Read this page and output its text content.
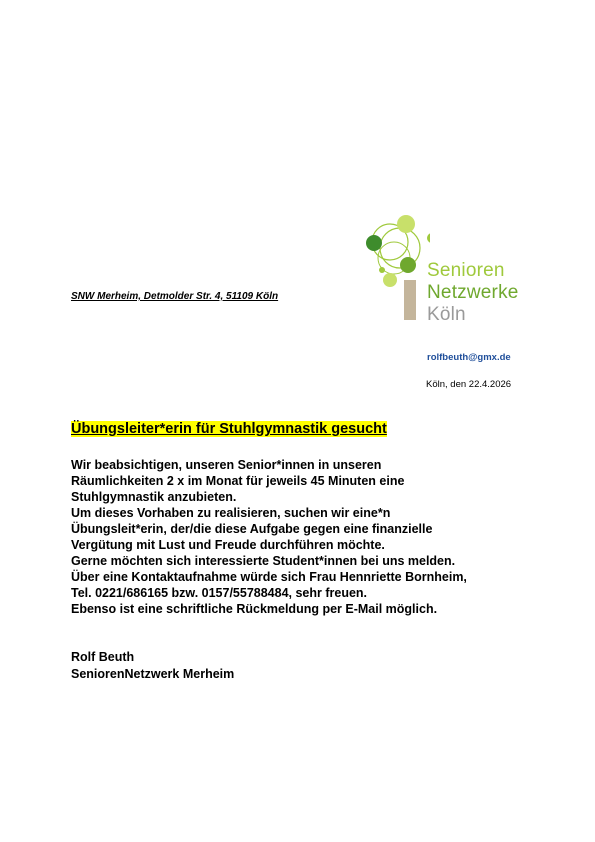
Senioren
Netzwerke
Köln
SNW Merheim, Detmolder Str. 4, 51109 Köln
rolfbeuth@gmx.de
Köln, den 22.4.2026
Übungsleiter*erin für Stuhlgymnastik gesucht
Wir beabsichtigen, unseren Senior*innen in unseren
Räumlichkeiten 2 x im Monat für jeweils 45 Minuten eine
Stuhlgymnastik anzubieten.
Um dieses Vorhaben zu realisieren, suchen wir eine*n
Übungsleit*erin, der/die diese Aufgabe gegen eine finanzielle
Vergütung mit Lust und Freude durchführen möchte.
Gerne möchten sich interessierte Student*innen bei uns melden.
Über eine Kontaktaufnahme würde sich Frau Hennriette Bornheim,
Tel. 0221/686165 bzw. 0157/55788484, sehr freuen.
Ebenso ist eine schriftliche Rückmeldung per E-Mail möglich.
Rolf Beuth
SeniorenNetzwerk Merheim
